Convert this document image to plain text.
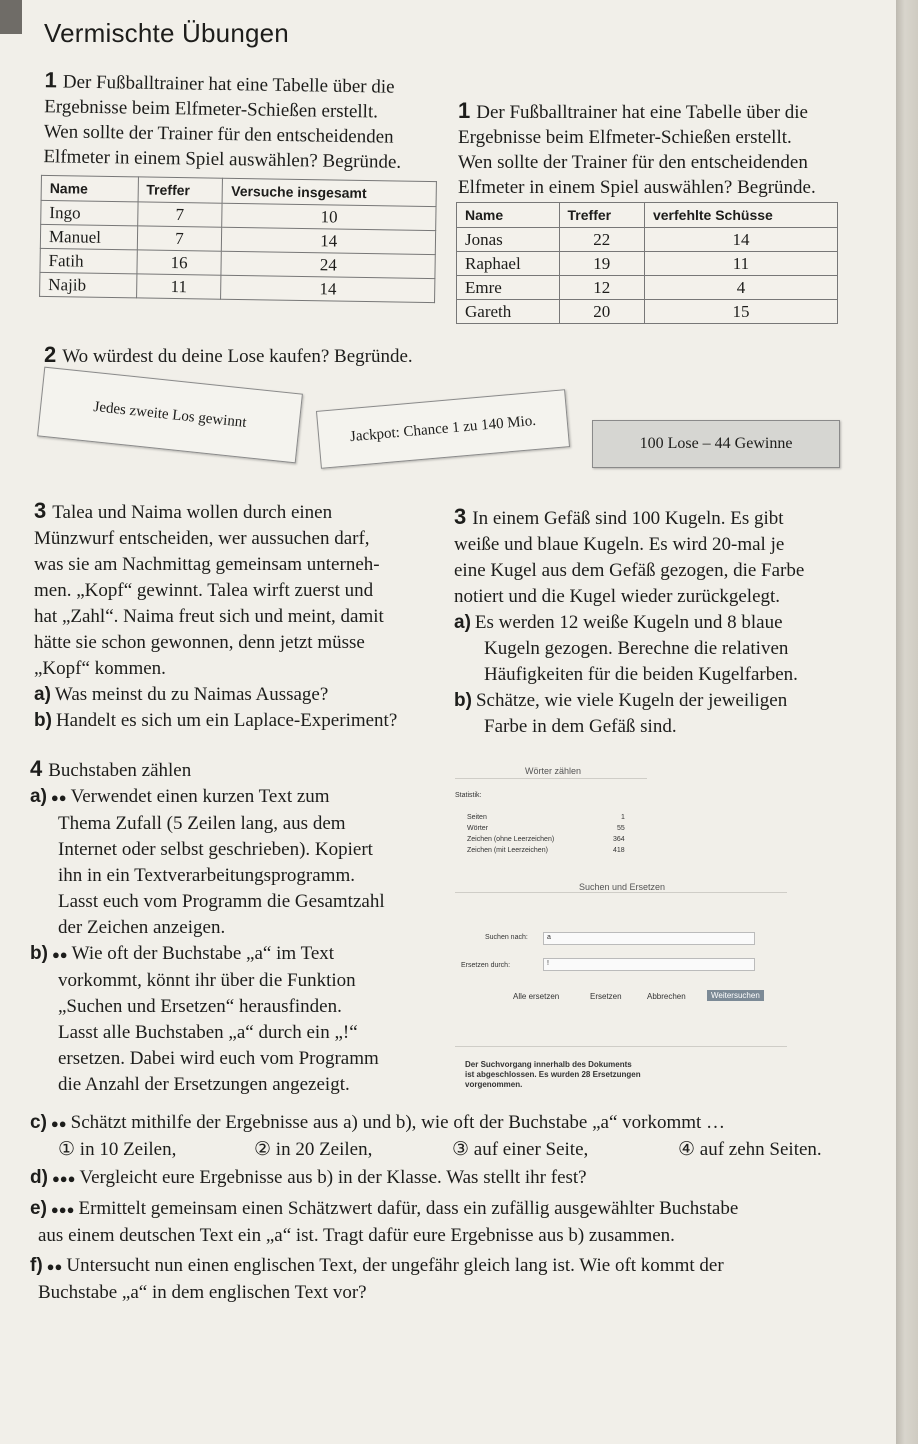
Vermischte Übungen
1 Der Fußballtrainer hat eine Tabelle über die
Ergebnisse beim Elfmeter-Schießen erstellt.
Wen sollte der Trainer für den entscheidenden
Elfmeter in einem Spiel auswählen? Begründe.
Name	Treffer	Versuche insgesamt
Ingo	7	10
Manuel	7	14
Fatih	16	24
Najib	11	14
1 Der Fußballtrainer hat eine Tabelle über die
Ergebnisse beim Elfmeter-Schießen erstellt.
Wen sollte der Trainer für den entscheidenden
Elfmeter in einem Spiel auswählen? Begründe.
Name	Treffer	verfehlte Schüsse
Jonas	22	14
Raphael	19	11
Emre	12	4
Gareth	20	15
2 Wo würdest du deine Lose kaufen? Begründe.
Jedes zweite Los gewinnt	Jackpot: Chance 1 zu 140 Mio.	100 Lose – 44 Gewinne
3 Talea und Naima wollen durch einen
Münzwurf entscheiden, wer aussuchen darf,
was sie am Nachmittag gemeinsam unterneh-
men. „Kopf“ gewinnt. Talea wirft zuerst und
hat „Zahl“. Naima freut sich und meint, damit
hätte sie schon gewonnen, denn jetzt müsse
„Kopf“ kommen.
a) Was meinst du zu Naimas Aussage?
b) Handelt es sich um ein Laplace-Experiment?
3 In einem Gefäß sind 100 Kugeln. Es gibt
weiße und blaue Kugeln. Es wird 20-mal je
eine Kugel aus dem Gefäß gezogen, die Farbe
notiert und die Kugel wieder zurückgelegt.
a) Es werden 12 weiße Kugeln und 8 blaue
Kugeln gezogen. Berechne die relativen
Häufigkeiten für die beiden Kugelfarben.
b) Schätze, wie viele Kugeln der jeweiligen
Farbe in dem Gefäß sind.
4 Buchstaben zählen
a) ●● Verwendet einen kurzen Text zum
Thema Zufall (5 Zeilen lang, aus dem
Internet oder selbst geschrieben). Kopiert
ihn in ein Textverarbeitungsprogramm.
Lasst euch vom Programm die Gesamtzahl
der Zeichen anzeigen.
b) ●● Wie oft der Buchstabe „a“ im Text
vorkommt, könnt ihr über die Funktion
„Suchen und Ersetzen“ herausfinden.
Lasst alle Buchstaben „a“ durch ein „!“
ersetzen. Dabei wird euch vom Programm
die Anzahl der Ersetzungen angezeigt.
Wörter zählen
Statistik:
Seiten	1
Wörter	55
Zeichen (ohne Leerzeichen)	364
Zeichen (mit Leerzeichen)	418
Suchen und Ersetzen
Suchen nach:	a
Ersetzen durch:	!
Alle ersetzen	Ersetzen	Abbrechen	Weitersuchen
Der Suchvorgang innerhalb des Dokuments
ist abgeschlossen. Es wurden 28 Ersetzungen
vorgenommen.
c) ●● Schätzt mithilfe der Ergebnisse aus a) und b), wie oft der Buchstabe „a“ vorkommt …
① in 10 Zeilen,	② in 20 Zeilen,	③ auf einer Seite,	④ auf zehn Seiten.
d) ●●● Vergleicht eure Ergebnisse aus b) in der Klasse. Was stellt ihr fest?
e) ●●● Ermittelt gemeinsam einen Schätzwert dafür, dass ein zufällig ausgewählter Buchstabe
aus einem deutschen Text ein „a“ ist. Tragt dafür eure Ergebnisse aus b) zusammen.
f) ●● Untersucht nun einen englischen Text, der ungefähr gleich lang ist. Wie oft kommt der
Buchstabe „a“ in dem englischen Text vor?
